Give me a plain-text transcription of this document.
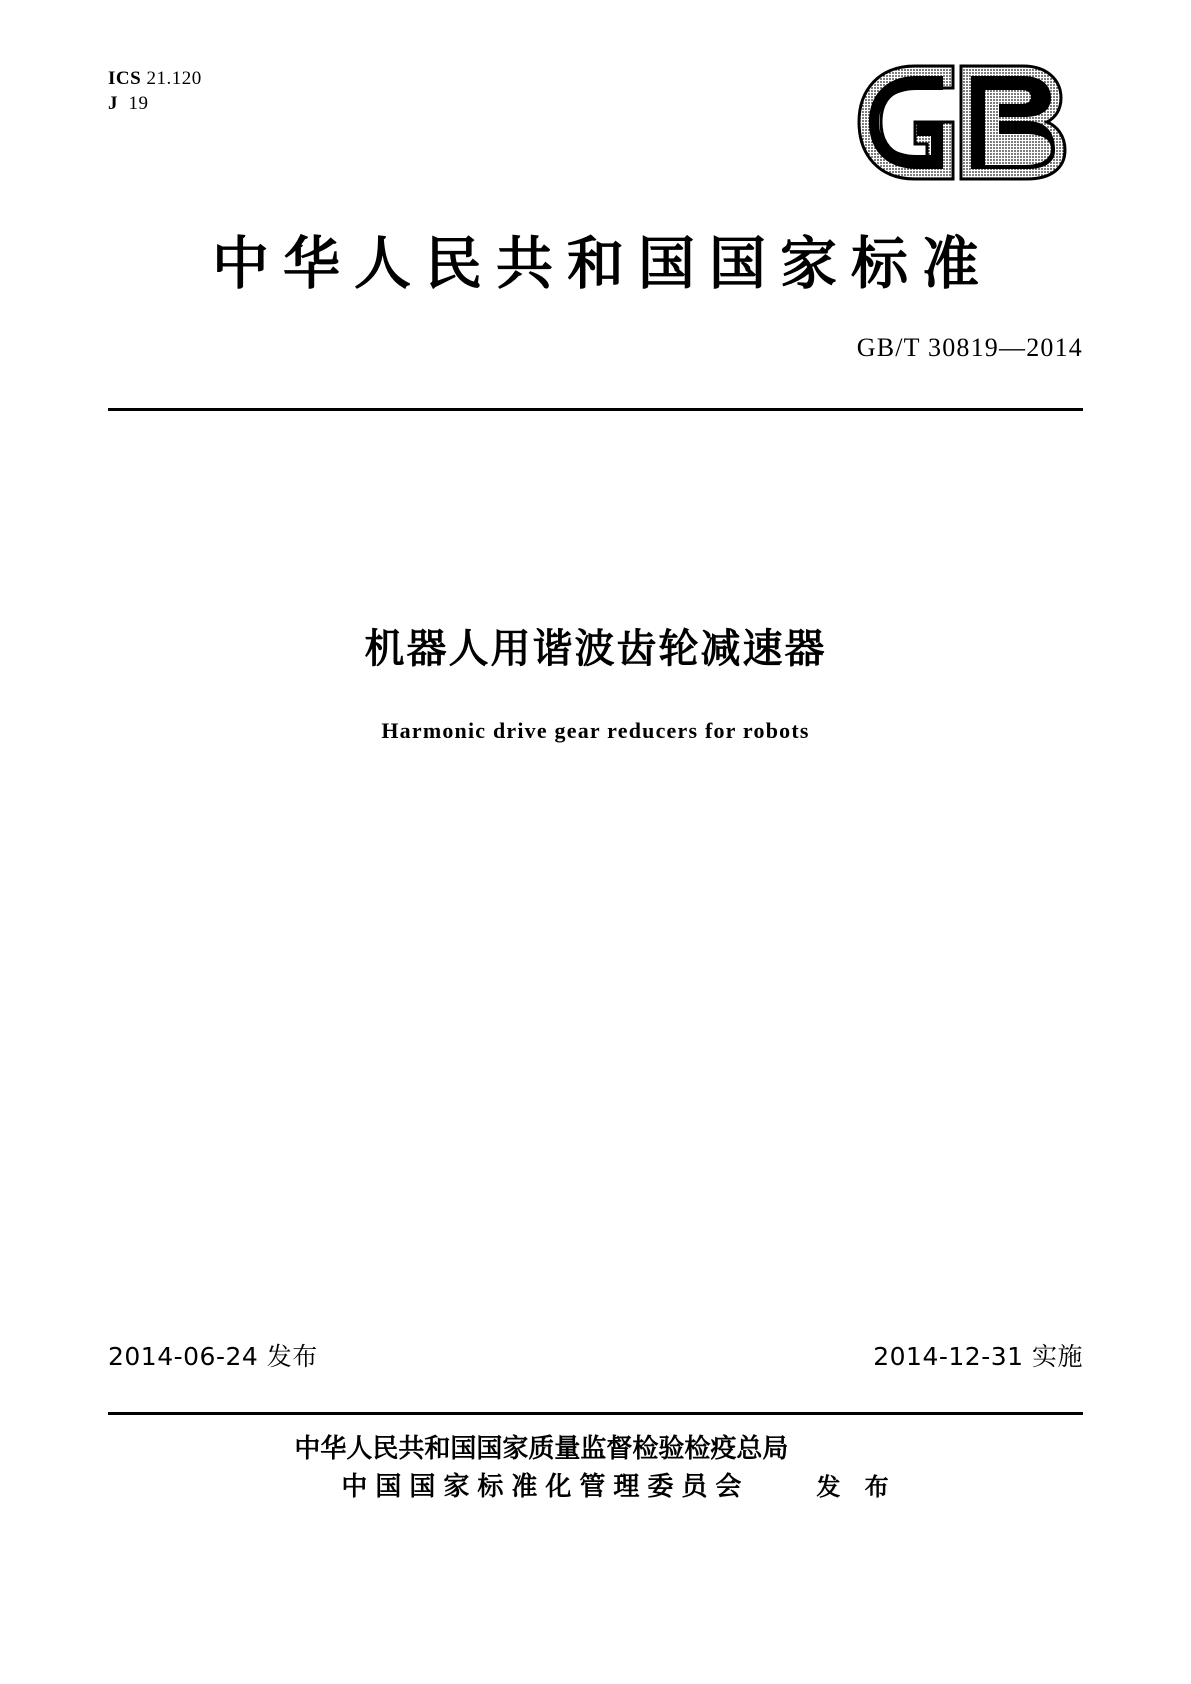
ICS 21.120
J 19
中华人民共和国国家标准
GB/T 30819—2014
机器人用谐波齿轮减速器
Harmonic drive gear reducers for robots
2014-06-24 发布	2014-12-31 实施
中华人民共和国国家质量监督检验检疫总局
中国国家标准化管理委员会	发 布
